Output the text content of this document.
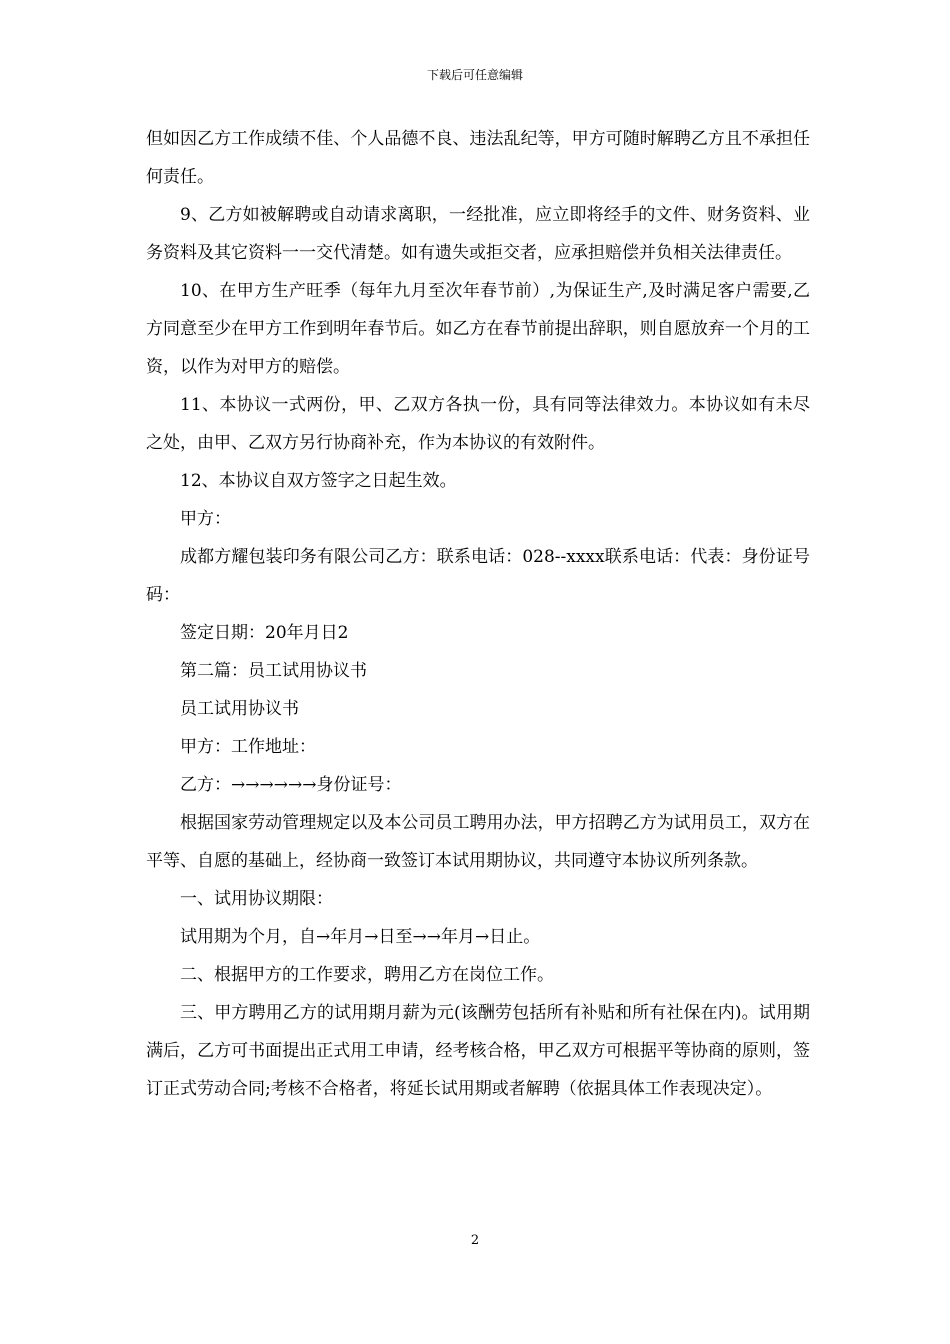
下载后可任意编辑

但如因乙方工作成绩不佳、个人品德不良、违法乱纪等，甲方可随时解聘乙方且不承担任何责任。

9、乙方如被解聘或自动请求离职，一经批准，应立即将经手的文件、财务资料、业务资料及其它资料一一交代清楚。如有遗失或拒交者，应承担赔偿并负相关法律责任。

10、在甲方生产旺季（每年九月至次年春节前）,为保证生产,及时满足客户需要,乙方同意至少在甲方工作到明年春节后。如乙方在春节前提出辞职，则自愿放弃一个月的工资，以作为对甲方的赔偿。

11、本协议一式两份，甲、乙双方各执一份，具有同等法律效力。本协议如有未尽之处，由甲、乙双方另行协商补充，作为本协议的有效附件。

12、本协议自双方签字之日起生效。

甲方：

成都方耀包装印务有限公司乙方：联系电话：028--xxxx联系电话：代表：身份证号码：

签定日期：20年月日2

第二篇：员工试用协议书

员工试用协议书

甲方：工作地址：

乙方：→→→→→→身份证号：

根据国家劳动管理规定以及本公司员工聘用办法，甲方招聘乙方为试用员工，双方在平等、自愿的基础上，经协商一致签订本试用期协议，共同遵守本协议所列条款。

一、试用协议期限：

试用期为个月，自→年月→日至→→年月→日止。

二、根据甲方的工作要求，聘用乙方在岗位工作。

三、甲方聘用乙方的试用期月薪为元(该酬劳包括所有补贴和所有社保在内)。试用期满后，乙方可书面提出正式用工申请，经考核合格，甲乙双方可根据平等协商的原则，签订正式劳动合同;考核不合格者，将延长试用期或者解聘（依据具体工作表现决定）。

2
